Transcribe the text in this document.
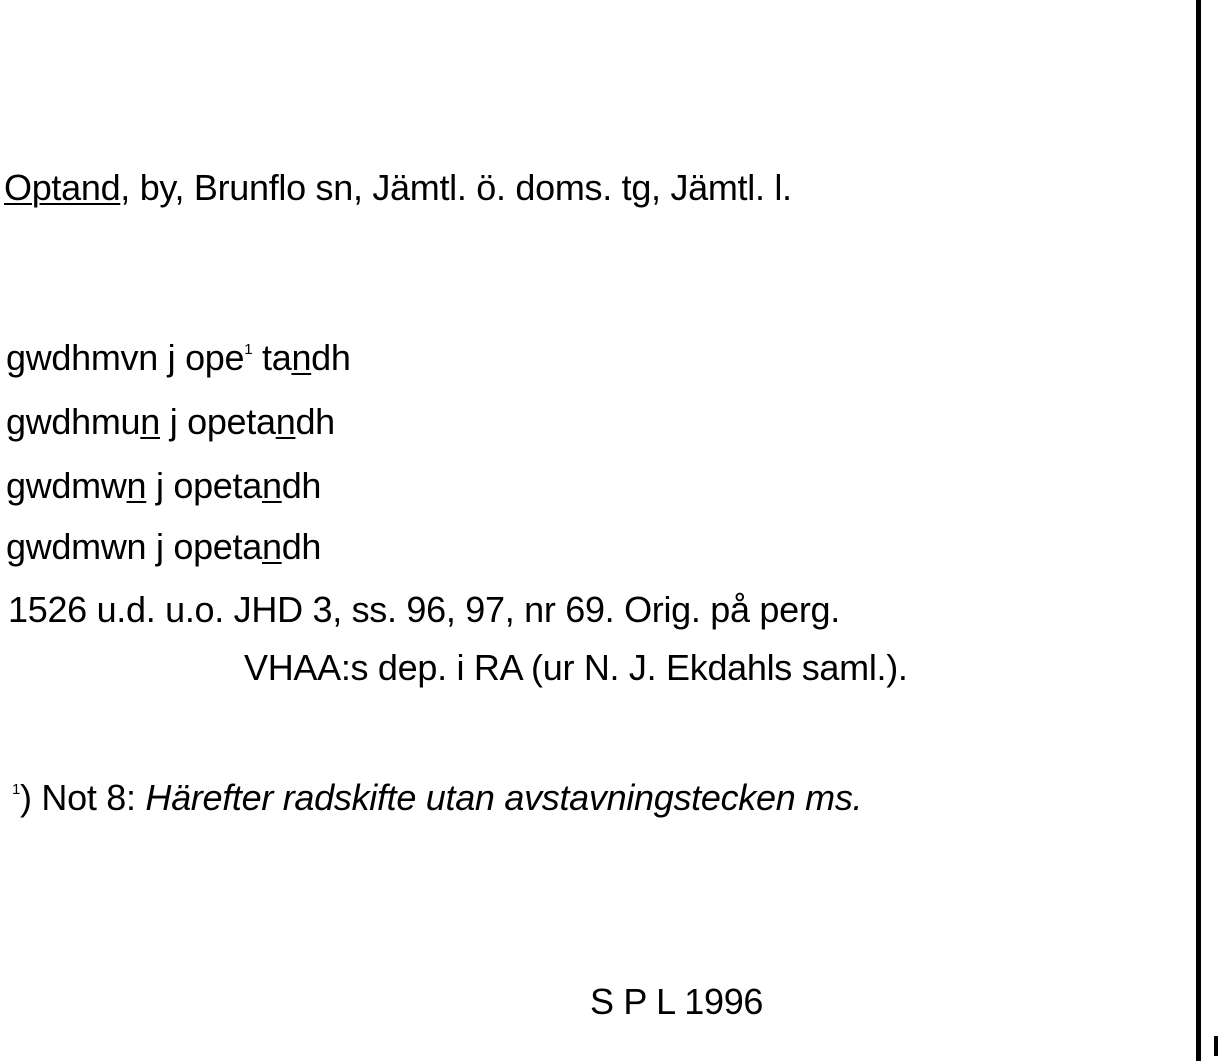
Optand, by, Brunflo sn, Jämtl. ö. doms. tg, Jämtl. l.
gwdhmvn j ope$^1$ tandh
gwdhmun j opetandh
gwdmwn j opetandh
gwdmwn j opetandh
1526 u.d. u.o. JHD 3, ss. 96, 97, nr 69. Orig. på perg.
VHAA:s dep. i RA (ur N. J. Ekdahls saml.).
$^1$) Not 8: Härefter radskifte utan avstavningstecken ms.
S P L 1996
